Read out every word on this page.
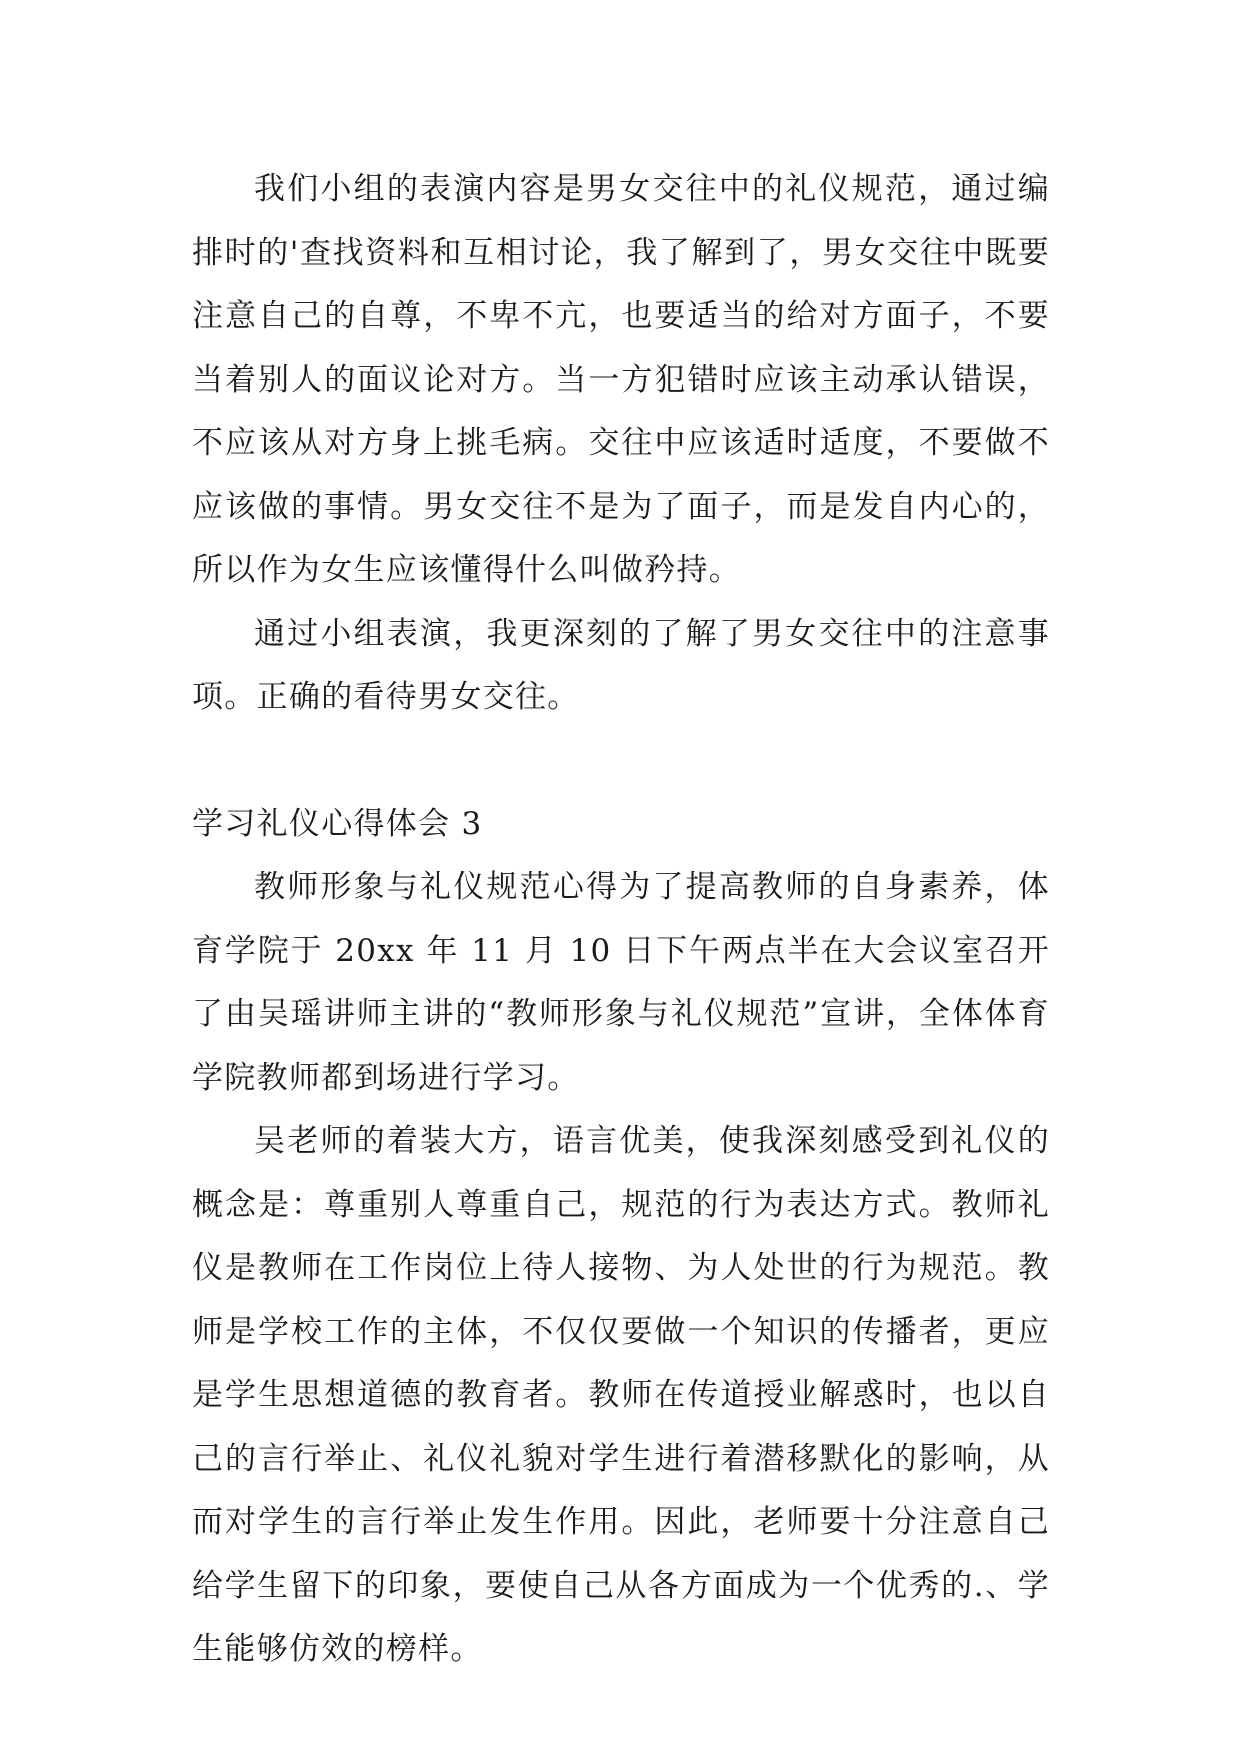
我们小组的表演内容是男女交往中的礼仪规范，通过编排时的'查找资料和互相讨论，我了解到了，男女交往中既要注意自己的自尊，不卑不亢，也要适当的给对方面子，不要当着别人的面议论对方。当一方犯错时应该主动承认错误，不应该从对方身上挑毛病。交往中应该适时适度，不要做不应该做的事情。男女交往不是为了面子，而是发自内心的，所以作为女生应该懂得什么叫做矜持。

通过小组表演，我更深刻的了解了男女交往中的注意事项。正确的看待男女交往。

学习礼仪心得体会 3

教师形象与礼仪规范心得为了提高教师的自身素养，体育学院于 20xx 年 11 月 10 日下午两点半在大会议室召开了由吴瑶讲师主讲的“教师形象与礼仪规范”宣讲，全体体育学院教师都到场进行学习。

吴老师的着装大方，语言优美，使我深刻感受到礼仪的概念是：尊重别人尊重自己，规范的行为表达方式。教师礼仪是教师在工作岗位上待人接物、为人处世的行为规范。教师是学校工作的主体，不仅仅要做一个知识的传播者，更应是学生思想道德的教育者。教师在传道授业解惑时，也以自己的言行举止、礼仪礼貌对学生进行着潜移默化的影响，从而对学生的言行举止发生作用。因此，老师要十分注意自己给学生留下的印象，要使自己从各方面成为一个优秀的.、学生能够仿效的榜样。
